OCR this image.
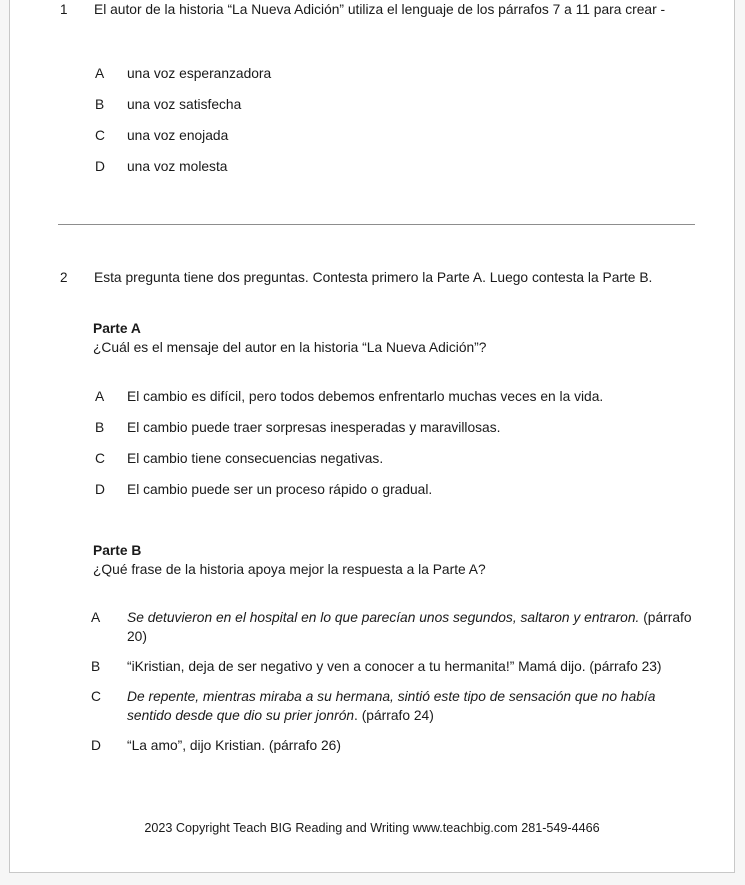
1	El autor de la historia “La Nueva Adición” utiliza el lenguaje de los párrafos 7 a 11 para crear -
A	una voz esperanzadora
B	una voz satisfecha
C	una voz enojada
D	una voz molesta
2	Esta pregunta tiene dos preguntas. Contesta primero la Parte A. Luego contesta la Parte B.
Parte A
¿Cuál es el mensaje del autor en la historia “La Nueva Adición”?
A	El cambio es difícil, pero todos debemos enfrentarlo muchas veces en la vida.
B	El cambio puede traer sorpresas inesperadas y maravillosas.
C	El cambio tiene consecuencias negativas.
D	El cambio puede ser un proceso rápido o gradual.
Parte B
¿Qué frase de la historia apoya mejor la respuesta a la Parte A?
A	Se detuvieron en el hospital en lo que parecían unos segundos, saltaron y entraron. (párrafo 20)
B	“iKristian, deja de ser negativo y ven a conocer a tu hermanita!” Mamá dijo. (párrafo 23)
C	De repente, mientras miraba a su hermana, sintió este tipo de sensación que no había sentido desde que dio su prier jonrón. (párrafo 24)
D	“La amo”, dijo Kristian. (párrafo 26)
2023 Copyright Teach BIG Reading and Writing www.teachbig.com 281-549-4466
